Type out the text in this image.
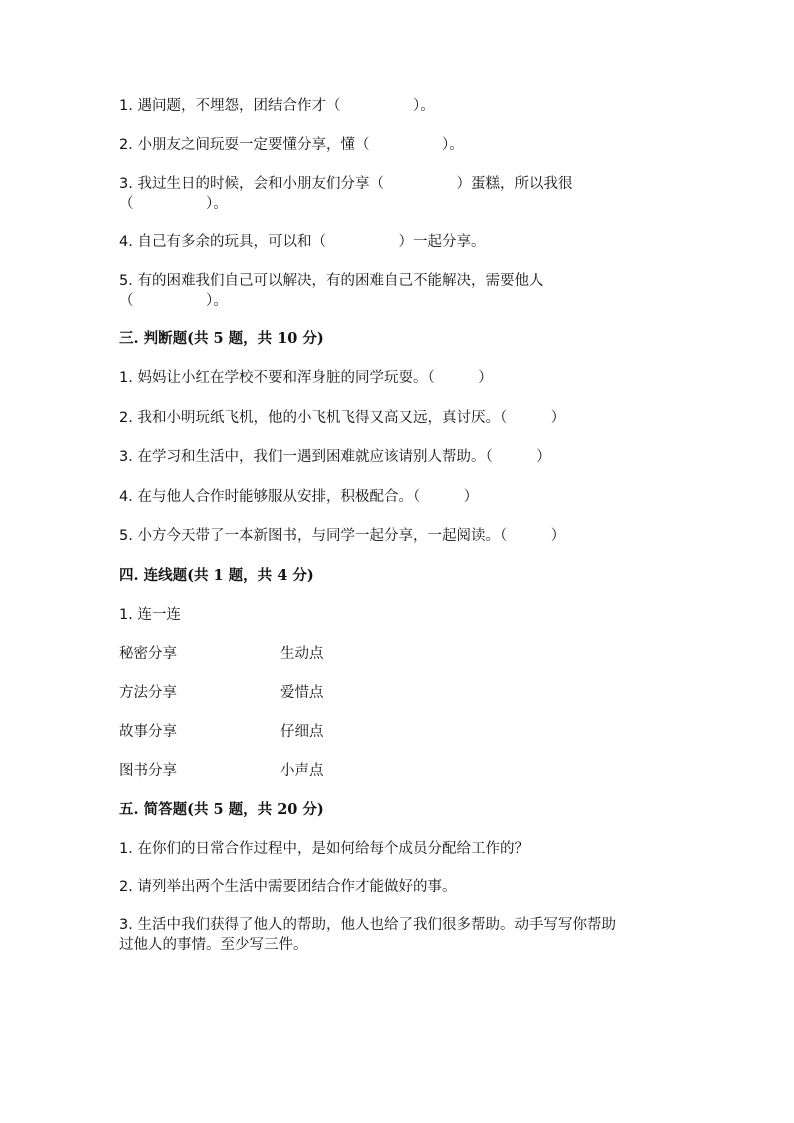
1. 遇问题，不埋怨，团结合作才（　　　　　）。

2. 小朋友之间玩耍一定要懂分享，懂（　　　　　）。

3. 我过生日的时候，会和小朋友们分享（　　　　　）蛋糕，所以我很
（　　　　　）。

4. 自己有多余的玩具，可以和（　　　　　）一起分享。

5. 有的困难我们自己可以解决，有的困难自己不能解决，需要他人
（　　　　　）。

三. 判断题(共 5 题，共 10 分)

1. 妈妈让小红在学校不要和浑身脏的同学玩耍。（　　　）

2. 我和小明玩纸飞机，他的小飞机飞得又高又远，真讨厌。（　　　）

3. 在学习和生活中，我们一遇到困难就应该请别人帮助。（　　　）

4. 在与他人合作时能够服从安排，积极配合。（　　　）

5. 小方今天带了一本新图书，与同学一起分享，一起阅读。（　　　）

四. 连线题(共 1 题，共 4 分)

1. 连一连

秘密分享	生动点
方法分享	爱惜点
故事分享	仔细点
图书分享	小声点

五. 简答题(共 5 题，共 20 分)

1. 在你们的日常合作过程中，是如何给每个成员分配给工作的？

2. 请列举出两个生活中需要团结合作才能做好的事。

3. 生活中我们获得了他人的帮助，他人也给了我们很多帮助。动手写写你帮助
过他人的事情。至少写三件。
